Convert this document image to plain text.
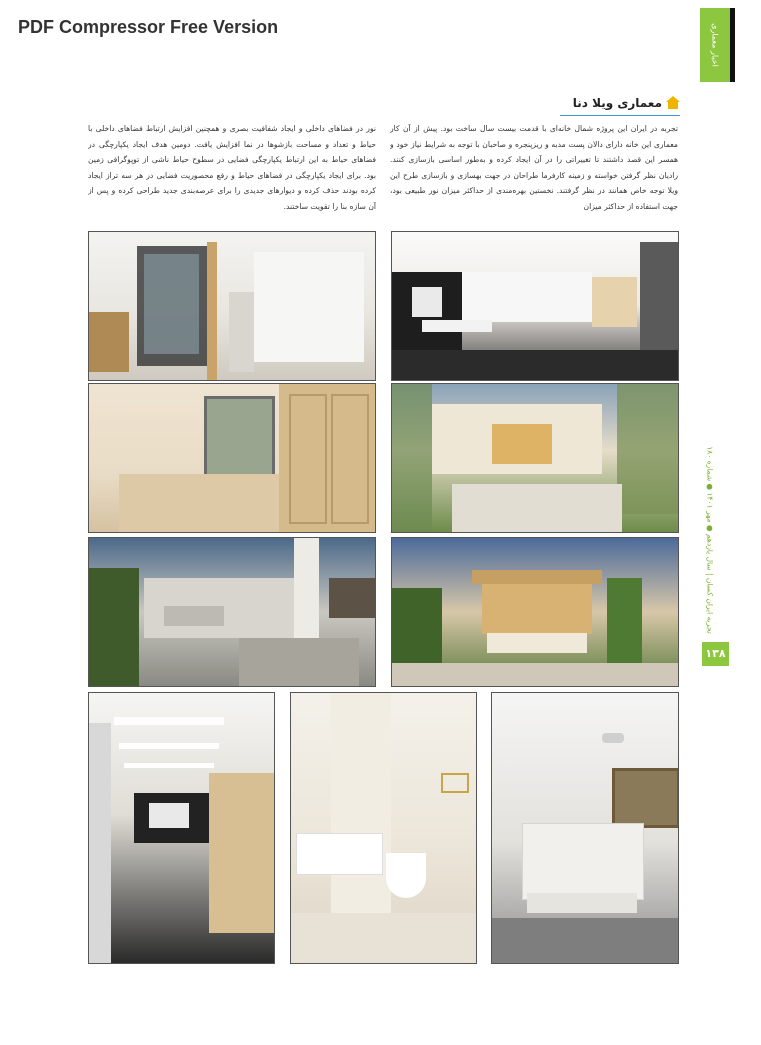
PDF Compressor Free Version	اخبار معماری
تجربه ایران کسان | سال یازدهم ● مهر ۱۴۰۱ ● شماره ۱۸۰
۱۳۸
معماری ویلا دنا
تجربه در ایران این پروژه شمال خانه‌ای با قدمت بیست سال ساخت بود. پیش از آن کار معماری این خانه دارای دالان پست مدبه و ریزپنجره و صاحبان با توجه به شرایط نیاز خود و همسر این قصد داشتند تا تغییراتی را در آن ایجاد کرده و به‌طور اساسی بازسازی کنند. رادیان نظر گرفتن خواسته و زمینه کارفرما طراحان در جهت بهسازی و بازسازی طرح این ویلا توجه خاص همانند در نظر گرفتند. نخستین بهره‌مندی از حداکثر میزان نور طبیعی بود، جهت استفاده از حداکثر میزان
نور در فضاهای داخلی و ایجاد شفافیت بصری و همچنین افزایش ارتباط فضاهای داخلی با حیاط و تعداد و مساحت بازشوها در نما افزایش یافت. دومین هدف ایجاد یکپارچگی در فضاهای حیاط به این ارتباط یکپارچگی فضایی در سطوح حیاط ناشی از توپوگرافی زمین بود. برای ایجاد یکپارچگی در فضاهای حیاط و رفع محصوریت فضایی در هر سه تراز ایجاد کرده بودند حذف کرده و دیوارهای جدیدی را برای عرصه‌بندی جدید طراحی کرده و پس از آن سازه بنا را تقویت ساختند.
